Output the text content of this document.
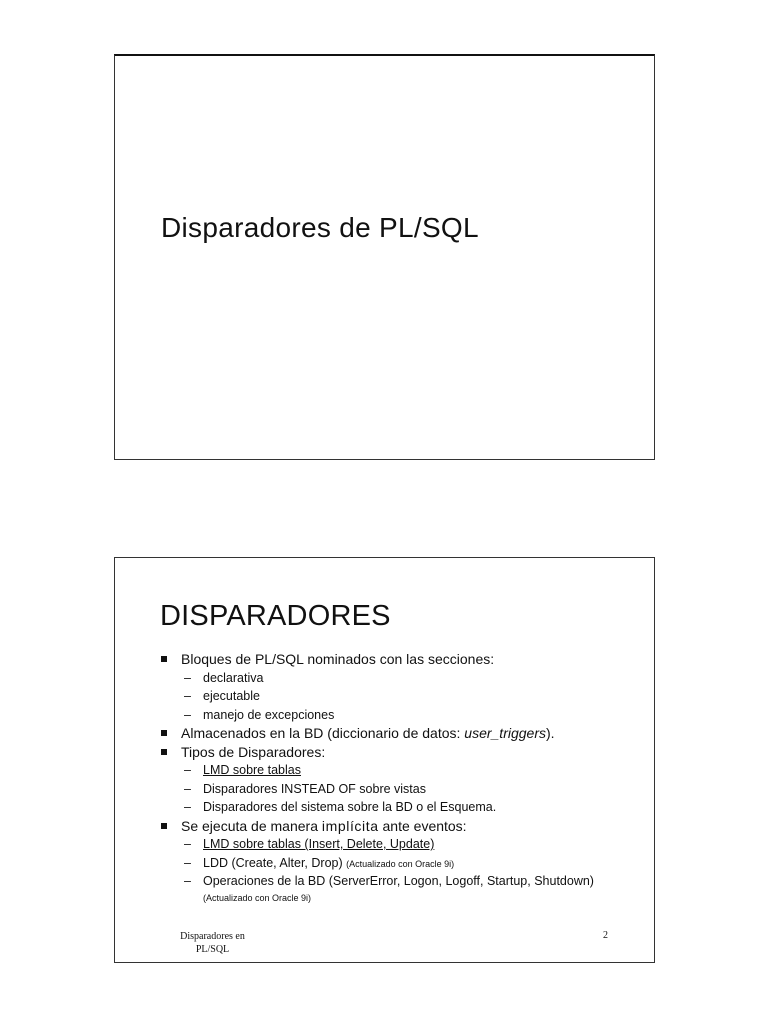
Disparadores de PL/SQL
DISPARADORES
Bloques de PL/SQL nominados con las secciones:
– declarativa
– ejecutable
– manejo de excepciones
Almacenados en la BD (diccionario de datos: user_triggers).
Tipos de Disparadores:
– LMD sobre tablas
– Disparadores INSTEAD OF sobre vistas
– Disparadores del sistema sobre la BD o el Esquema.
Se ejecuta de manera implícita ante eventos:
– LMD sobre tablas (Insert, Delete, Update)
– LDD (Create, Alter, Drop) (Actualizado con Oracle 9i)
– Operaciones de la BD (ServerError, Logon, Logoff, Startup, Shutdown) (Actualizado con Oracle 9i)
Disparadores en PL/SQL
2
